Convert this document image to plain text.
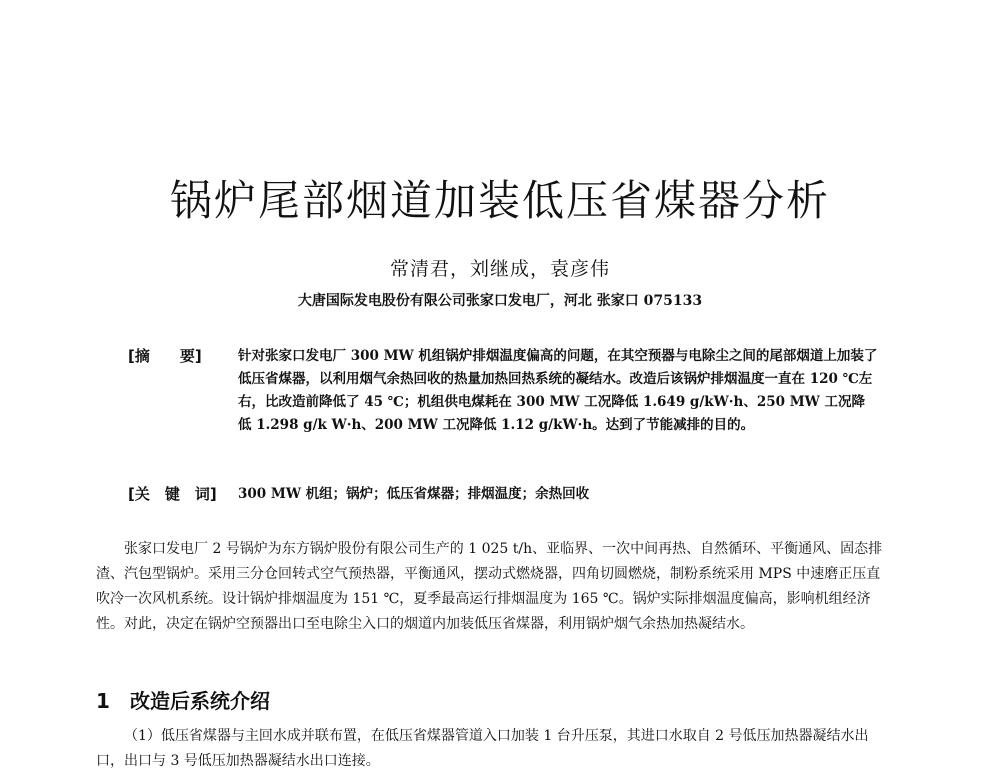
锅炉尾部烟道加装低压省煤器分析
常清君，刘继成，袁彦伟
大唐国际发电股份有限公司张家口发电厂，河北 张家口 075133
[摘　　要]	针对张家口发电厂 300 MW 机组锅炉排烟温度偏高的问题，在其空预器与电除尘之间的尾部烟道上加装了低压省煤器，以利用烟气余热回收的热量加热回热系统的凝结水。改造后该锅炉排烟温度一直在 120 ℃左右，比改造前降低了 45 ℃；机组供电煤耗在 300 MW 工况降低 1.649 g/kW·h、250 MW 工况降低 1.298 g/k W·h、200 MW 工况降低 1.12 g/kW·h。达到了节能减排的目的。
[关　键　词]	300 MW 机组；锅炉；低压省煤器；排烟温度；余热回收

张家口发电厂 2 号锅炉为东方锅炉股份有限公司生产的 1 025 t/h、亚临界、一次中间再热、自然循环、平衡通风、固态排渣、汽包型锅炉。采用三分仓回转式空气预热器，平衡通风，摆动式燃烧器，四角切圆燃烧，制粉系统采用 MPS 中速磨正压直吹冷一次风机系统。设计锅炉排烟温度为 151 ℃，夏季最高运行排烟温度为 165 ℃。锅炉实际排烟温度偏高，影响机组经济性。对此，决定在锅炉空预器出口至电除尘入口的烟道内加装低压省煤器，利用锅炉烟气余热加热凝结水。

1 改造后系统介绍

（1）低压省煤器与主回水成并联布置，在低压省煤器管道入口加装 1 台升压泵，其进口水取自 2 号低压加热器凝结水出口，出口与 3 号低压加热器凝结水出口连接。
